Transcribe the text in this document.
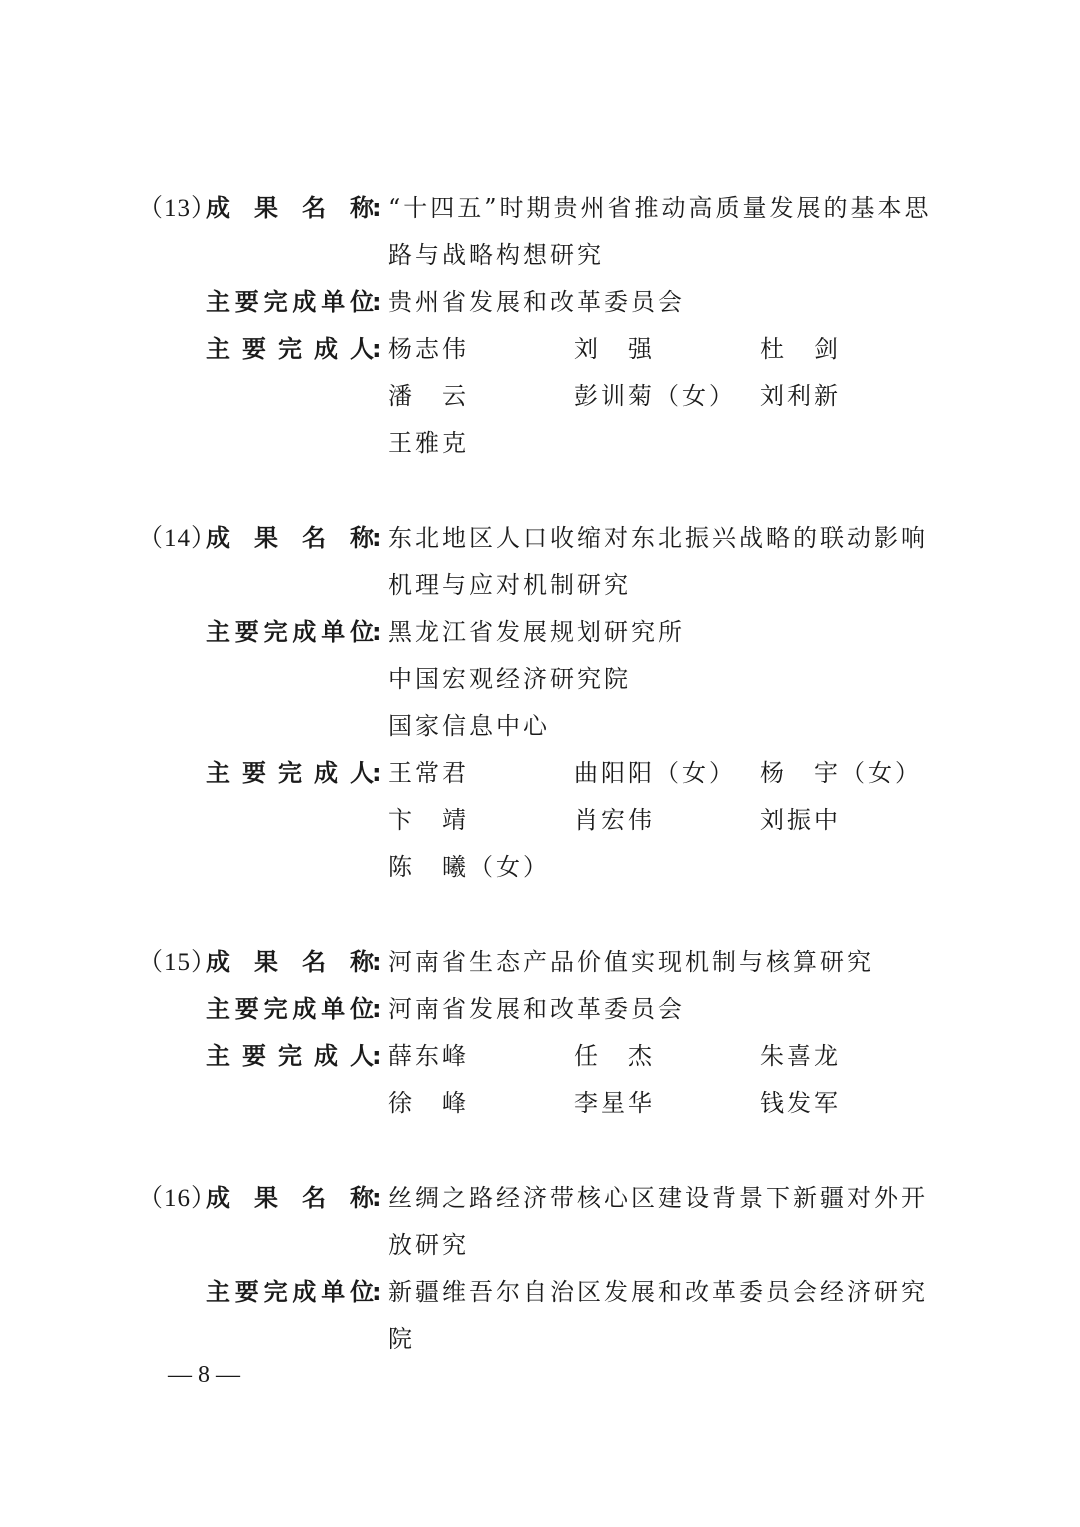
（13）
成果名称
: “十四五”时期贵州省推动高质量发展的基本思路与战略构想研究
主要完成单位
: 贵州省发展和改革委员会
主要完成人
: 杨志伟	刘　强	杜　剑
潘　云	彭训菊（女） 刘利新
王雅克
（14）
成果名称
: 东北地区人口收缩对东北振兴战略的联动影响机理与应对机制研究
主要完成单位
: 黑龙江省发展规划研究所
中国宏观经济研究院
国家信息中心
主要完成人
: 王常君	曲阳阳（女） 杨　宇（女）
卞　靖	肖宏伟	刘振中
陈　曦（女）
（15）
成果名称
: 河南省生态产品价值实现机制与核算研究
主要完成单位
: 河南省发展和改革委员会
主要完成人
: 薛东峰	任　杰	朱喜龙
徐　峰	李星华	钱发军
（16）
成果名称
: 丝绸之路经济带核心区建设背景下新疆对外开放研究
主要完成单位
: 新疆维吾尔自治区发展和改革委员会经济研究院
— 8 —
